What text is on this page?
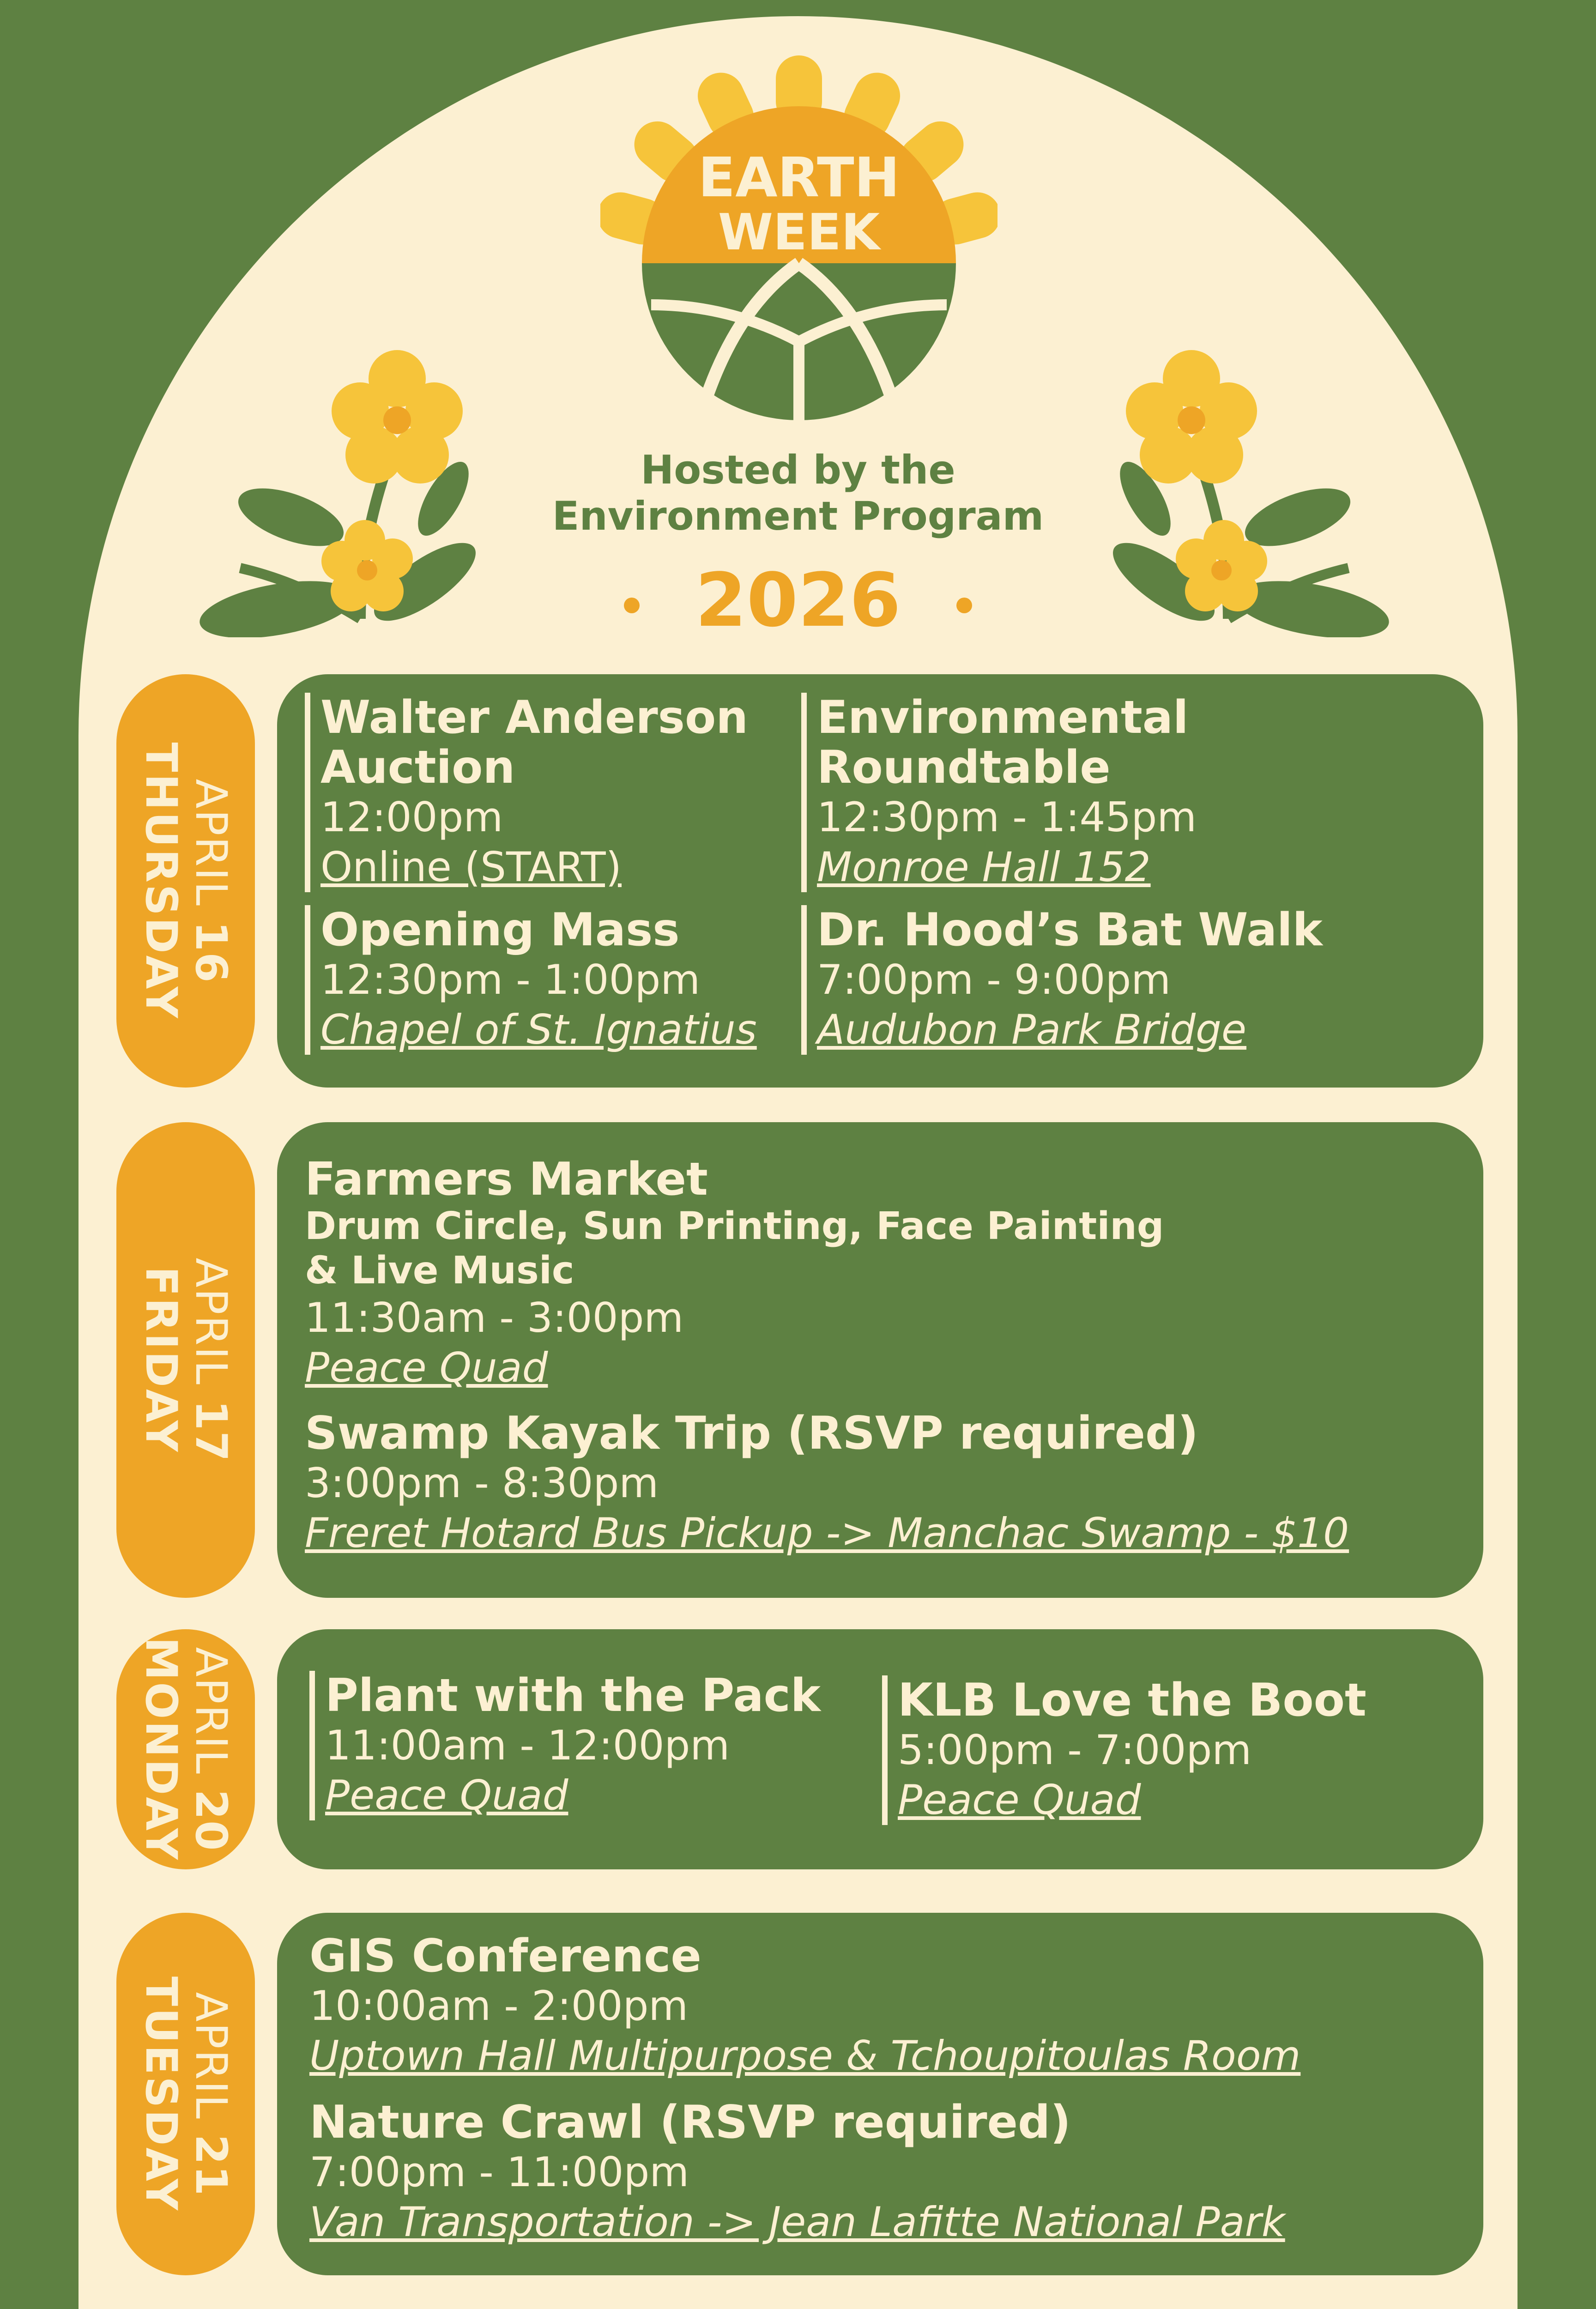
EARTH
WEEK
Hosted by the
Environment Program
2026
APRIL 16
THURSDAY
Walter Anderson
Auction
12:00pm
Online (START)
Environmental
Roundtable
12:30pm - 1:45pm
Monroe Hall 152
Opening Mass
12:30pm - 1:00pm
Chapel of St. Ignatius
Dr. Hood’s Bat Walk
7:00pm - 9:00pm
Audubon Park Bridge
APRIL 17
FRIDAY
Farmers Market
Drum Circle, Sun Printing, Face Painting
& Live Music
11:30am - 3:00pm
Peace Quad
Swamp Kayak Trip (RSVP required)
3:00pm - 8:30pm
Freret Hotard Bus Pickup -> Manchac Swamp - $10
APRIL 20
MONDAY	Plant with the Pack
11:00am - 12:00pm
Peace Quad
KLB Love the Boot
5:00pm - 7:00pm
Peace Quad
APRIL 21
TUESDAY
GIS Conference
10:00am - 2:00pm
Uptown Hall Multipurpose & Tchoupitoulas Room
Nature Crawl (RSVP required)
7:00pm - 11:00pm
Van Transportation -> Jean Lafitte National Park
